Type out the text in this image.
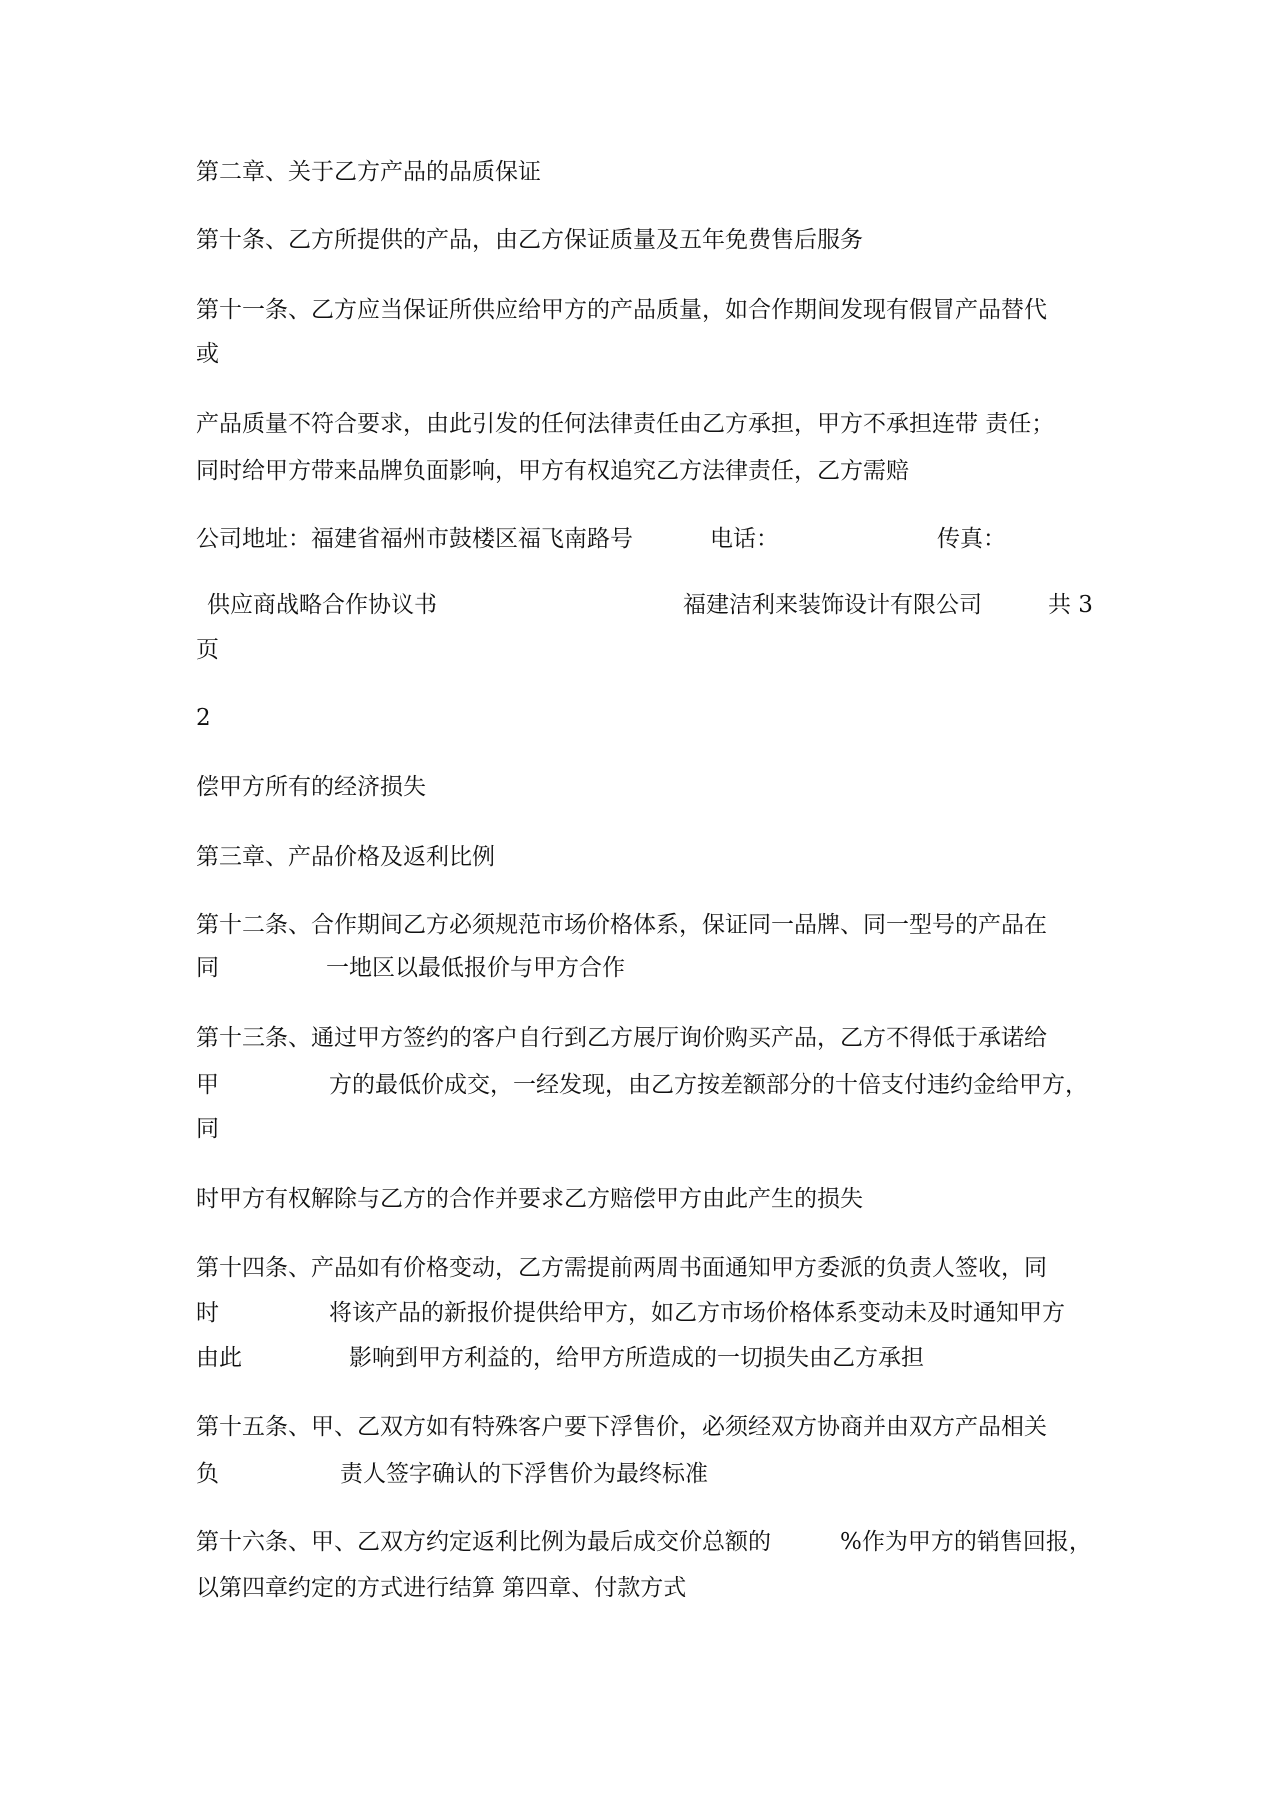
第二章、关于乙方产品的品质保证
第十条、乙方所提供的产品，由乙方保证质量及五年免费售后服务
第十一条、乙方应当保证所供应给甲方的产品质量，如合作期间发现有假冒产品替代
或
产品质量不符合要求，由此引发的任何法律责任由乙方承担，甲方不承担连带 责任；
同时给甲方带来品牌负面影响，甲方有权追究乙方法律责任，乙方需赔
公司地址：福建省福州市鼓楼区福飞南路号	电话：	传真：
供应商战略合作协议书	福建洁利来装饰设计有限公司	共 3
页
2
偿甲方所有的经济损失
第三章、产品价格及返利比例
第十二条、合作期间乙方必须规范市场价格体系，保证同一品牌、同一型号的产品在
同	一地区以最低报价与甲方合作
第十三条、通过甲方签约的客户自行到乙方展厅询价购买产品，乙方不得低于承诺给
甲	方的最低价成交，一经发现，由乙方按差额部分的十倍支付违约金给甲方，
同
时甲方有权解除与乙方的合作并要求乙方赔偿甲方由此产生的损失
第十四条、产品如有价格变动，乙方需提前两周书面通知甲方委派的负责人签收，同
时	将该产品的新报价提供给甲方，如乙方市场价格体系变动未及时通知甲方
由此	影响到甲方利益的，给甲方所造成的一切损失由乙方承担
第十五条、甲、乙双方如有特殊客户要下浮售价，必须经双方协商并由双方产品相关
负	责人签字确认的下浮售价为最终标准
第十六条、甲、乙双方约定返利比例为最后成交价总额的	%作为甲方的销售回报，
以第四章约定的方式进行结算 第四章、付款方式
